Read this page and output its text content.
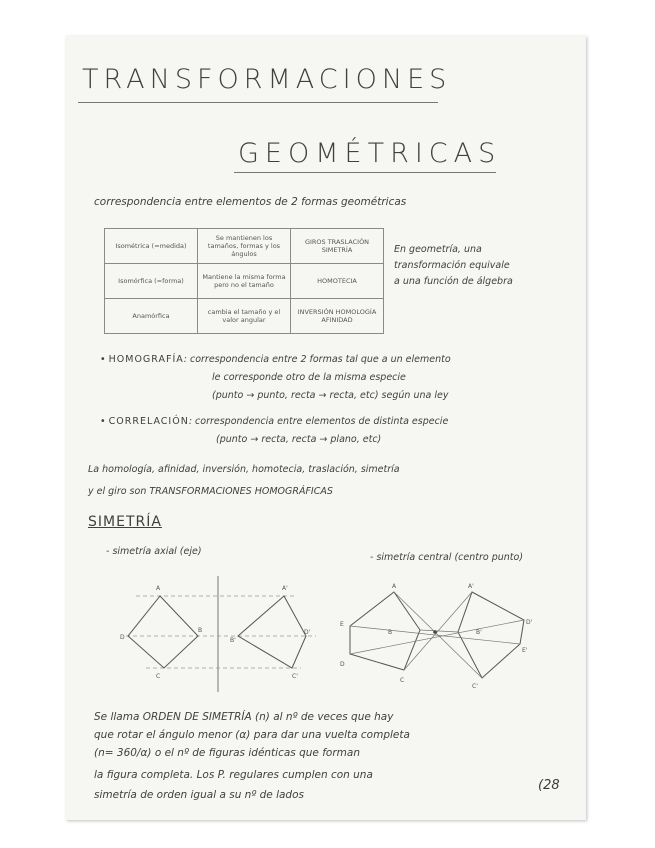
TRANSFORMACIONES
GEOMÉTRICAS
correspondencia entre elementos de 2 formas geométricas
Isométrica (=medida)	Se mantienen los tamaños, formas y los ángulos	GIROS TRASLACIÓN SIMETRÍA
Isomórfica (=forma)	Mantiene la misma forma pero no el tamaño	HOMOTECIA
Anamórfica	cambia el tamaño y el valor angular	INVERSIÓN HOMOLOGÍA AFINIDAD
En geometría, una transformación equivale a una función de álgebra
• HOMOGRAFÍA: correspondencia entre 2 formas tal que a un elemento
le corresponde otro de la misma especie
(punto → punto, recta → recta, etc) según una ley
• CORRELACIÓN: correspondencia entre elementos de distinta especie
(punto → recta, recta → plano, etc)
La homología, afinidad, inversión, homotecia, traslación, simetría
y el giro son TRANSFORMACIONES HOMOGRÁFICAS
SIMETRÍA
- simetría axial (eje)
- simetría central (centro punto)
A
B
C
D
A'
B'
C'
D'
A
B
C
D
E
A'
B'
C'
D'
E'
Se llama ORDEN DE SIMETRÍA (n) al nº de veces que hay
que rotar el ángulo menor (α) para dar una vuelta completa
(n= 360/α) o el nº de figuras idénticas que forman
la figura completa. Los P. regulares cumplen con una
simetría de orden igual a su nº de lados
(28
